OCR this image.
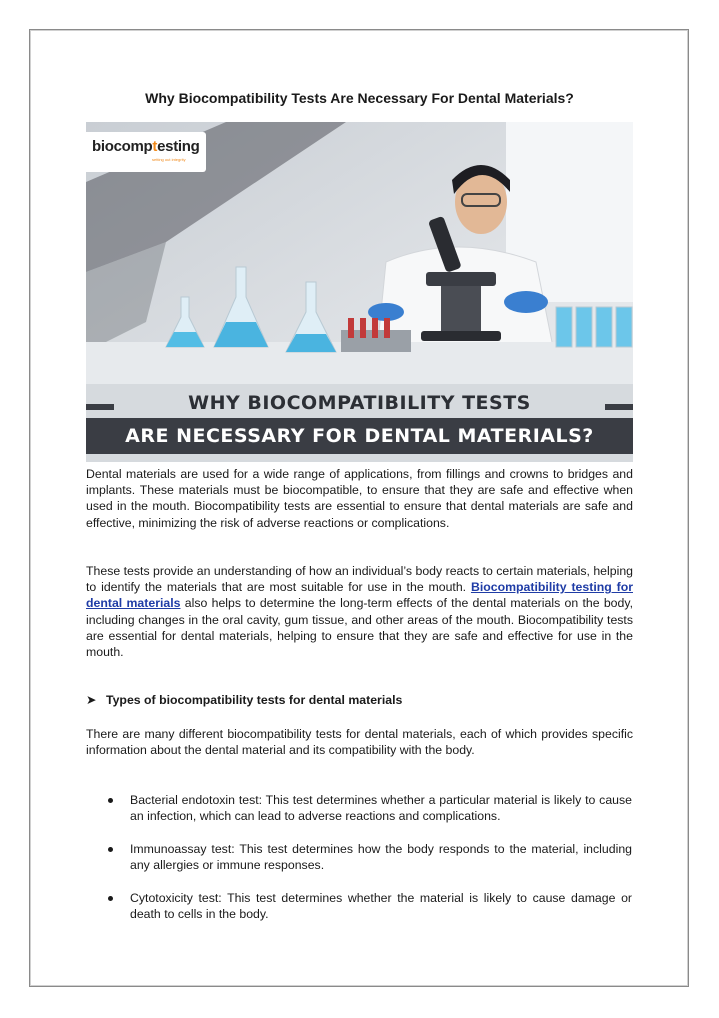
Why Biocompatibility Tests Are Necessary For Dental Materials?
biocomptesting
setting out integrity
WHY BIOCOMPATIBILITY TESTS
ARE NECESSARY FOR DENTAL MATERIALS?
Dental materials are used for a wide range of applications, from fillings and crowns to bridges and implants. These materials must be biocompatible, to ensure that they are safe and effective when used in the mouth. Biocompatibility tests are essential to ensure that dental materials are safe and effective, minimizing the risk of adverse reactions or complications.
These tests provide an understanding of how an individual’s body reacts to certain materials, helping to identify the materials that are most suitable for use in the mouth. Biocompatibility testing for dental materials also helps to determine the long-term effects of the dental materials on the body, including changes in the oral cavity, gum tissue, and other areas of the mouth. Biocompatibility tests are essential for dental materials, helping to ensure that they are safe and effective for use in the mouth.
➤ Types of biocompatibility tests for dental materials
There are many different biocompatibility tests for dental materials, each of which provides specific information about the dental material and its compatibility with the body.
Bacterial endotoxin test: This test determines whether a particular material is likely to cause an infection, which can lead to adverse reactions and complications.
Immunoassay test: This test determines how the body responds to the material, including any allergies or immune responses.
Cytotoxicity test: This test determines whether the material is likely to cause damage or death to cells in the body.
